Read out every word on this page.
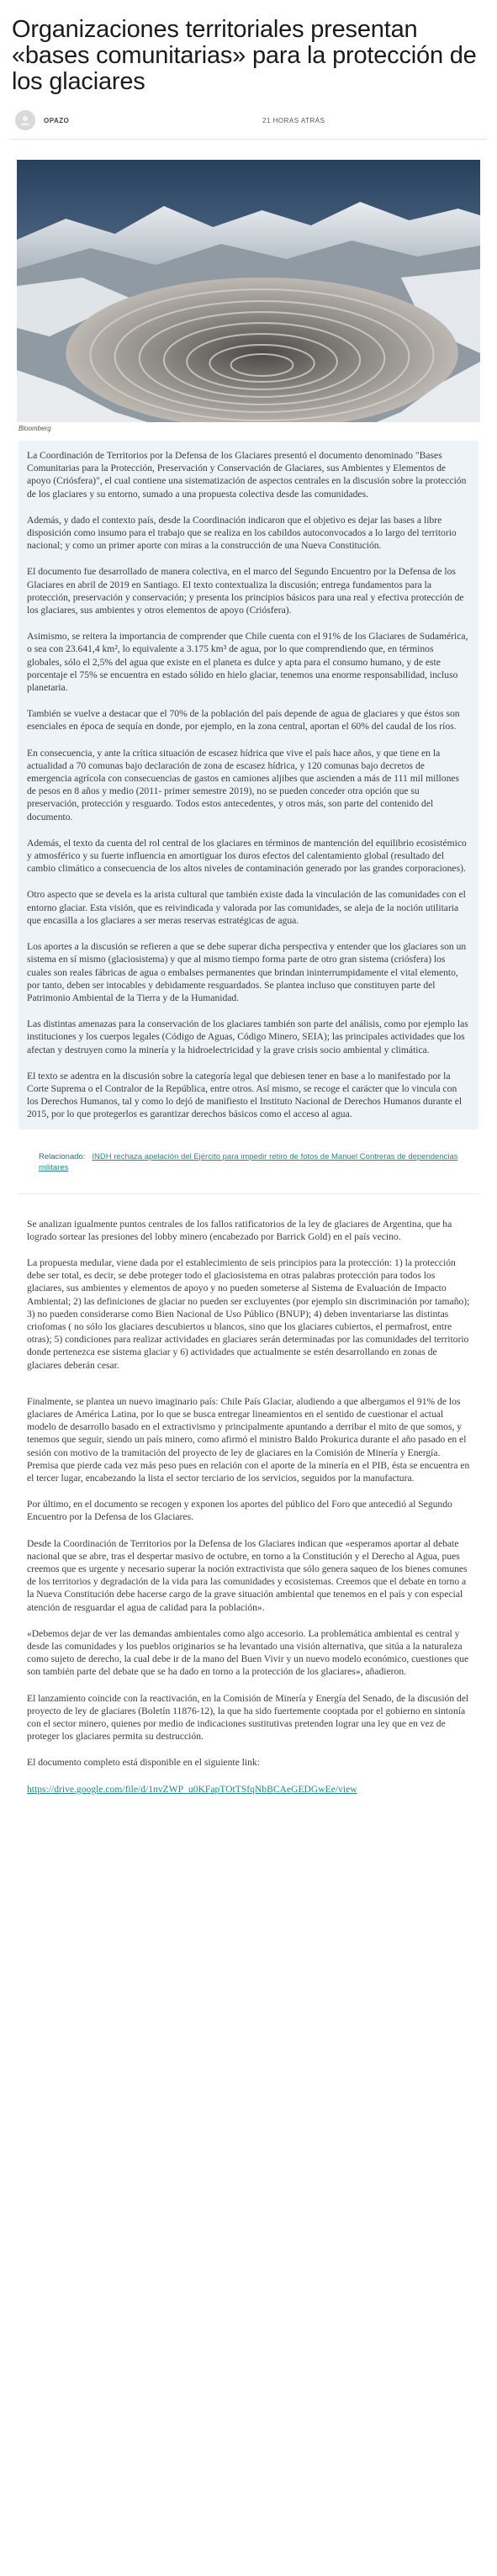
Organizaciones territoriales presentan «bases comunitarias» para la protección de los glaciares
OPAZO	21 HORAS ATRÁS
Bloomberg

La Coordinación de Territorios por la Defensa de los Glaciares presentó el documento denominado "Bases Comunitarias para la Protección, Preservación y Conservación de Glaciares, sus Ambientes y Elementos de apoyo (Criósfera)", el cual contiene una sistematización de aspectos centrales en la discusión sobre la protección de los glaciares y su entorno, sumado a una propuesta colectiva desde las comunidades.

Además, y dado el contexto país, desde la Coordinación indicaron que el objetivo es dejar las bases a libre disposición como insumo para el trabajo que se realiza en los cabildos autoconvocados a lo largo del territorio nacional; y como un primer aporte con miras a la construcción de una Nueva Constitución.

El documento fue desarrollado de manera colectiva, en el marco del Segundo Encuentro por la Defensa de los Glaciares en abril de 2019 en Santiago. El texto contextualiza la discusión; entrega fundamentos para la protección, preservación y conservación; y presenta los principios básicos para una real y efectiva protección de los glaciares, sus ambientes y otros elementos de apoyo (Criósfera).

Asimismo, se reitera la importancia de comprender que Chile cuenta con el 91% de los Glaciares de Sudamérica, o sea con 23.641,4 km², lo equivalente a 3.175 km³ de agua, por lo que comprendiendo que, en términos globales, sólo el 2,5% del agua que existe en el planeta es dulce y apta para el consumo humano, y de este porcentaje el 75% se encuentra en estado sólido en hielo glaciar, tenemos una enorme responsabilidad, incluso planetaria.

También se vuelve a destacar que el 70% de la población del país depende de agua de glaciares y que éstos son esenciales en época de sequía en donde, por ejemplo, en la zona central, aportan el 60% del caudal de los ríos.

En consecuencia, y ante la crítica situación de escasez hídrica que vive el país hace años, y que tiene en la actualidad a 70 comunas bajo declaración de zona de escasez hídrica, y 120 comunas bajo decretos de emergencia agrícola con consecuencias de gastos en camiones aljibes que ascienden a más de 111 mil millones de pesos en 8 años y medio (2011- primer semestre 2019), no se pueden conceder otra opción que su preservación, protección y resguardo. Todos estos antecedentes, y otros más, son parte del contenido del documento.

Además, el texto da cuenta del rol central de los glaciares en términos de mantención del equilibrio ecosistémico y atmosférico y su fuerte influencia en amortiguar los duros efectos del calentamiento global (resultado del cambio climático a consecuencia de los altos niveles de contaminación generado por las grandes corporaciones).

Otro aspecto que se devela es la arista cultural que también existe dada la vinculación de las comunidades con el entorno glaciar. Esta visión, que es reivindicada y valorada por las comunidades, se aleja de la noción utilitaria que encasilla a los glaciares a ser meras reservas estratégicas de agua.

Los aportes a la discusión se refieren a que se debe superar dicha perspectiva y entender que los glaciares son un sistema en sí mismo (glaciosistema) y que al mismo tiempo forma parte de otro gran sistema (criósfera) los cuales son reales fábricas de agua o embalses permanentes que brindan ininterrumpidamente el vital elemento, por tanto, deben ser intocables y debidamente resguardados. Se plantea incluso que constituyen parte del Patrimonio Ambiental de la Tierra y de la Humanidad.

Las distintas amenazas para la conservación de los glaciares también son parte del análisis, como por ejemplo las instituciones y los cuerpos legales (Código de Aguas, Código Minero, SEIA); las principales actividades que los afectan y destruyen como la minería y la hidroelectricidad y la grave crisis socio ambiental y climática.

El texto se adentra en la discusión sobre la categoría legal que debiesen tener en base a lo manifestado por la Corte Suprema o el Contralor de la República, entre otros. Así mismo, se recoge el carácter que lo vincula con los Derechos Humanos, tal y como lo dejó de manifiesto el Instituto Nacional de Derechos Humanos durante el 2015, por lo que protegerlos es garantizar derechos básicos como el acceso al agua.

Relacionado: INDH rechaza apelación del Ejército para impedir retiro de fotos de Manuel Contreras de dependencias militares

Se analizan igualmente puntos centrales de los fallos ratificatorios de la ley de glaciares de Argentina, que ha logrado sortear las presiones del lobby minero (encabezado por Barrick Gold) en el país vecino.

La propuesta medular, viene dada por el establecimiento de seis principios para la protección: 1) la protección debe ser total, es decir, se debe proteger todo el glaciosistema en otras palabras protección para todos los glaciares, sus ambientes y elementos de apoyo y no pueden someterse al Sistema de Evaluación de Impacto Ambiental; 2) las definiciones de glaciar no pueden ser excluyentes (por ejemplo sin discriminación por tamaño); 3) no pueden considerarse como Bien Nacional de Uso Público (BNUP); 4) deben inventariarse las distintas criofomas ( no sólo los glaciares descubiertos u blancos, sino que los glaciares cubiertos, el permafrost, entre otras); 5) condiciones para realizar actividades en glaciares serán determinadas por las comunidades del territorio donde pertenezca ese sistema glaciar y 6) actividades que actualmente se estén desarrollando en zonas de glaciares deberán cesar.

Finalmente, se plantea un nuevo imaginario país: Chile País Glaciar, aludiendo a que albergamos el 91% de los glaciares de América Latina, por lo que se busca entregar lineamientos en el sentido de cuestionar el actual modelo de desarrollo basado en el extractivismo y principalmente apuntando a derribar el mito de que somos, y tenemos que seguir, siendo un país minero, como afirmó el ministro Baldo Prokurica durante el año pasado en el sesión con motivo de la tramitación del proyecto de ley de glaciares en la Comisión de Minería y Energía. Premisa que pierde cada vez más peso pues en relación con el aporte de la minería en el PIB, ésta se encuentra en el tercer lugar, encabezando la lista el sector terciario de los servicios, seguidos por la manufactura.

Por último, en el documento se recogen y exponen los aportes del público del Foro que antecedió al Segundo Encuentro por la Defensa de los Glaciares.

Desde la Coordinación de Territorios por la Defensa de los Glaciares indican que «esperamos aportar al debate nacional que se abre, tras el despertar masivo de octubre, en torno a la Constitución y el Derecho al Agua, pues creemos que es urgente y necesario superar la noción extractivista que sólo genera saqueo de los bienes comunes de los territorios y degradación de la vida para las comunidades y ecosistemas. Creemos que el debate en torno a la Nueva Constitución debe hacerse cargo de la grave situación ambiental que tenemos en el país y con especial atención de resguardar el agua de calidad para la población».

«Debemos dejar de ver las demandas ambientales como algo accesorio. La problemática ambiental es central y desde las comunidades y los pueblos originarios se ha levantado una visión alternativa, que sitúa a la naturaleza como sujeto de derecho, la cual debe ir de la mano del Buen Vivir y un nuevo modelo económico, cuestiones que son también parte del debate que se ha dado en torno a la protección de los glaciares», añadieron.

El lanzamiento coincide con la reactivación, en la Comisión de Minería y Energía del Senado, de la discusión del proyecto de ley de glaciares (Boletín 11876-12), la que ha sido fuertemente cooptada por el gobierno en sintonía con el sector minero, quienes por medio de indicaciones sustitutivas pretenden lograr una ley que en vez de proteger los glaciares permita su destrucción.

El documento completo está disponible en el siguiente link:

https://drive.google.com/file/d/1nvZWP_u0KFapTOtTSfqNbBCAeGEDGwEe/view
